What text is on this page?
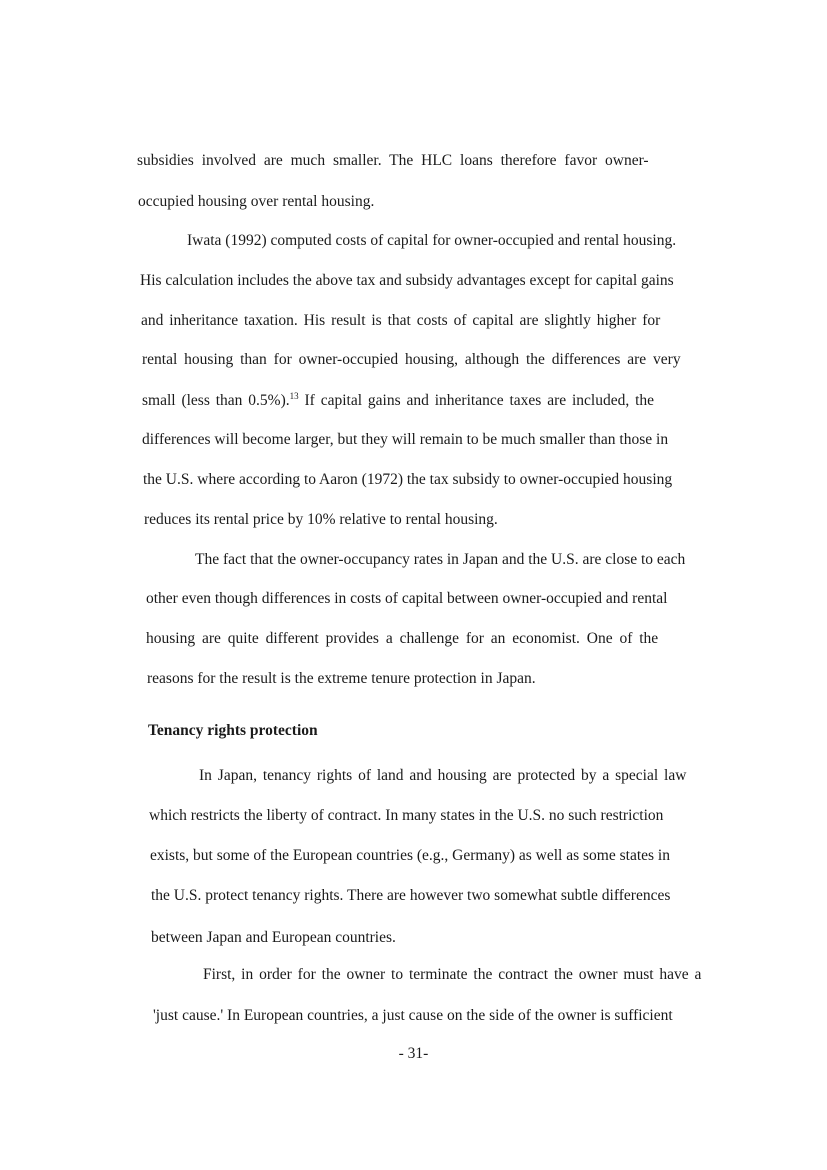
subsidies involved are much smaller. The HLC loans therefore favor owner-
occupied housing over rental housing.
Iwata (1992) computed costs of capital for owner-occupied and rental housing.
His calculation includes the above tax and subsidy advantages except for capital gains
and inheritance taxation. His result is that costs of capital are slightly higher for
rental housing than for owner-occupied housing, although the differences are very
small (less than 0.5%).$^{13}$ If capital gains and inheritance taxes are included, the
differences will become larger, but they will remain to be much smaller than those in
the U.S. where according to Aaron (1972) the tax subsidy to owner-occupied housing
reduces its rental price by 10% relative to rental housing.
The fact that the owner-occupancy rates in Japan and the U.S. are close to each
other even though differences in costs of capital between owner-occupied and rental
housing are quite different provides a challenge for an economist. One of the
reasons for the result is the extreme tenure protection in Japan.
Tenancy rights protection
In Japan, tenancy rights of land and housing are protected by a special law
which restricts the liberty of contract. In many states in the U.S. no such restriction
exists, but some of the European countries (e.g., Germany) as well as some states in
the U.S. protect tenancy rights. There are however two somewhat subtle differences
between Japan and European countries.
First, in order for the owner to terminate the contract the owner must have a
'just cause.' In European countries, a just cause on the side of the owner is sufficient
- 31-
